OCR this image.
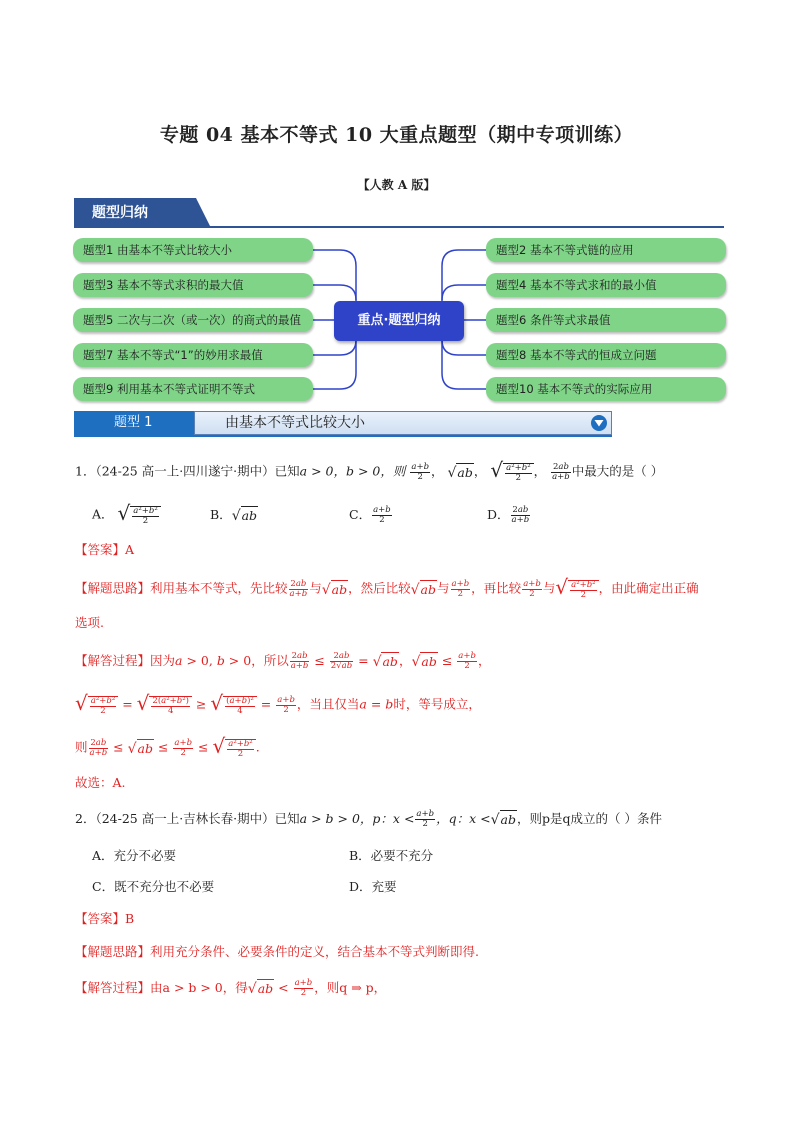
专题 04 基本不等式 10 大重点题型（期中专项训练）
【人教 A 版】
题型归纳
题型1 由基本不等式比较大小
题型3 基本不等式求积的最大值
题型5 二次与二次（或一次）的商式的最值
题型7 基本不等式“1”的妙用求最值
题型9 利用基本不等式证明不等式
题型2 基本不等式链的应用
题型4 基本不等式求和的最小值
题型6 条件等式求最值
题型8 基本不等式的恒成立问题
题型10 基本不等式的实际应用
重点·题型归纳
题型 1	由基本不等式比较大小
1．（24-25 高一上·四川遂宁·期中）已知a > 0，b > 0，则 $\frac{a+b}{2}$ ， √ab， √ $\frac{\text{a²+b²}}{2}$ ， $\frac{2ab}{a+b}$ 中最大的是（ ）
A． √ $\frac{\text{a²+b²}}{2}$	B．√ab	C． $\frac{a+b}{2}$	D． $\frac{2ab}{a+b}$
【答案】A
【解题思路】利用基本不等式，先比较 $\frac{2ab}{a+b}$ 与√ab，然后比较√ab与 $\frac{a+b}{2}$ ，再比较 $\frac{a+b}{2}$ 与√ $\frac{\text{a²+b²}}{2}$ ，由此确定出正确
选项.
【解答过程】因为a > 0, b > 0，所以 $\frac{2ab}{a+b} \le \frac{2ab}{2√ab} = √ab$，$√ab \le \frac{a+b}{2}$ ，
√ $\frac{\text{a²+b²}}{2}$ = √ $\frac{\text{2(a²+b²)}}{4}$ ≥ √ $\frac{\text{(a+b)²}}{4} = \frac{a+b}{2}$ ，当且仅当a = b时，等号成立，
则 $\frac{2ab}{a+b} \le √ab \le \frac{a+b}{2}$ ≤ √ $\frac{\text{a²+b²}}{2}$ .
故选：A.
2．（24-25 高一上·吉林长春·期中）已知a > b > 0，p：$x < \frac{a+b}{2}$ ，q：x <√ab，则p是q成立的（ ）条件
A．充分不必要	B．必要不充分
C．既不充分也不必要	D．充要
【答案】B
【解题思路】利用充分条件、必要条件的定义，结合基本不等式判断即得.
【解答过程】由a > b > 0，得$√ab < \frac{a+b}{2}$ ，则q ⇒ p，
